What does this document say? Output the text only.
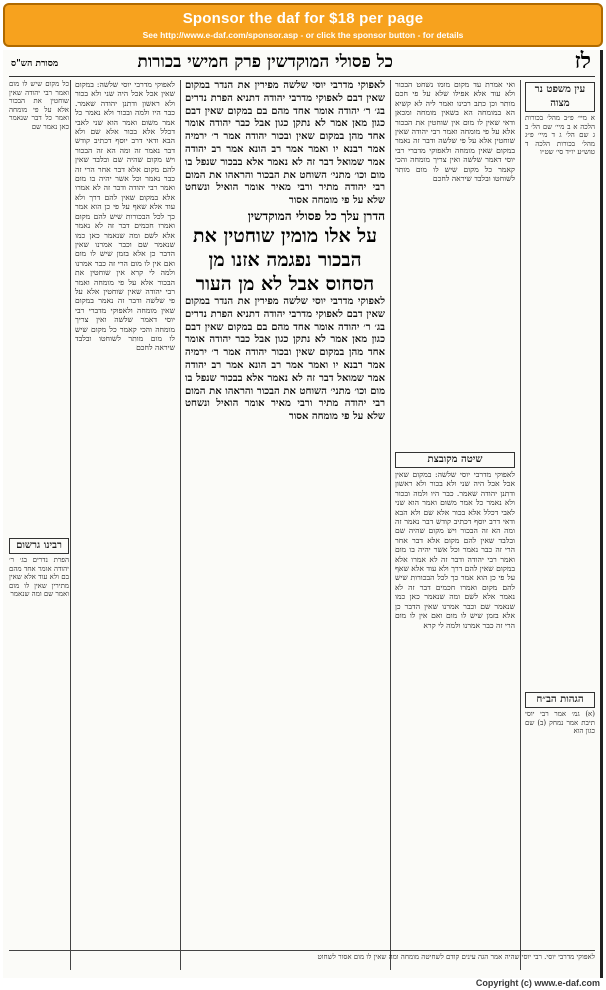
Sponsor the daf for $18 per page
See http://www.e-daf.com/sponsor.asp - or click the sponsor button - for details
לז
כל פסולי המוקדשין פרק חמישי בכורות
מסורת הש"ס
עין משפט נר מצוה
א מיי׳ פ״ב מהל׳ בכורות הלכה א ב מיי׳ שם הל׳ ב ג שם הל׳ ג ד מיי׳ פ״ג מהל׳ בכורות הלכה ד טוש״ע יו״ד סי׳ שט״ו
הגהות הב״ח
(א) גמ׳ אמר רבי יוסי תיבת אמר נמחק (ב) שם כגון הוא
ואי אמרת עד מקום מומו נשחט הבכור ולא עוד אלא אפילו שלא על פי חכם מותר וכן כתב רבינו ואמר ליה לא קשיא הא במומחה הא בשאין מומחה ומכאן ודאי שאין לו מום אין שוחטין את הבכור אלא על פי מומחה ואמר רבי יהודה שאין שוחטין אלא על פי שלשה ודבר זה נאמר במקום שאין מומחה ולאפוקי מדברי רבי יוסי דאמר שלשה ואין צריך מומחה והכי קאמר כל מקום שיש לו מום מותר לשוחטו ובלבד שיראה לחכם
שיטה מקובצת
לאפוקי מדרבי יוסי שלשה: במקום שאין אכל אכל היה שני ולא בכור ולא ראשון ודתנן יהודה שאמר. כבר היו ולמה ובכור ולא נאמר כל אמר משום ואמר הוא שני לאבי דכלל אלא בכור אלא שם ולא הבא ודאי דרב יוסף דכתיב קודש דבר נאמר זה ומה הא זה הבכור ויש מקום שהיה שם ובלבד שאין להם מקום אלא דבר אחר הרי זה כבר נאמר וכל אשר יהיה בו מום ואמר רבי יהודה ודבר זה לא אמרו אלא במקום שאין להם דרך ולא עוד אלא שאף על פי כן הוא אמר כך לכל הבכורות שיש להם מקום ואמרו חכמים דבר זה לא נאמר אלא לשם ומה שנאמר כאן כמו שנאמר שם וכבר אמרנו שאין הדבר כן אלא בזמן שיש לו מום ואם אין לו מום הרי זה כבר אמרנו ולמה לי קרא
לאפוקי מדרבי יוסי שלשה מפירין את הנדר במקום שאין דבם לאפוקי מדרבי יהודה דתניא הפרת נדרים בג׳ ר׳ יהודה אומר אחד מהם בם במקום שאין דבם כגון מאן אמר לא נתקן כגון אבל כבר יהודה אומר אחד מהן במקום שאין ובכור יהודה אמר ר׳ ירמיה אמר רבנא יו ואמר אמר רב הונא אמר רב יהודה אמר שמואל דבר זה לא נאמר אלא בבכור שנפל בו מום וכו׳ מתני׳ השוחט את הבכור והראהו את המום רבי יהודה מתיר ורבי מאיר אומר הואיל ונשחט שלא על פי מומחה אסור
הדרן עלך כל פסולי המוקדשין
על אלו מומין שוחטין את הבכור נפגמה אזנו מן הסחוס אבל לא מן העור
לאפוקי מדרבי יוסי שלשה מפירין את הנדר במקום שאין דבם לאפוקי מדרבי יהודה דתניא הפרת נדרים בג׳ ר׳ יהודה אומר אחד מהם בם במקום שאין דבם כגון מאן אמר לא נתקן כגון אבל כבר יהודה אומר אחד מהן במקום שאין ובכור יהודה אמר ר׳ ירמיה אמר רבנא יו ואמר אמר רב הונא אמר רב יהודה אמר שמואל דבר זה לא נאמר אלא בבכור שנפל בו מום וכו׳ מתני׳ השוחט את הבכור והראהו את המום רבי יהודה מתיר ורבי מאיר אומר הואיל ונשחט שלא על פי מומחה אסור
לאפוקי מדרבי יוסי שלשה: במקום שאין אכל אכל היה שני ולא בכור ולא ראשון ודתנן יהודה שאמר. כבר היו ולמה ובכור ולא נאמר כל אמר משום ואמר הוא שני לאבי דכלל אלא בכור אלא שם ולא הבא ודאי דרב יוסף דכתיב קודש דבר נאמר זה ומה הא זה הבכור ויש מקום שהיה שם ובלבד שאין להם מקום אלא דבר אחר הרי זה כבר נאמר וכל אשר יהיה בו מום ואמר רבי יהודה ודבר זה לא אמרו אלא במקום שאין להם דרך ולא עוד אלא שאף על פי כן הוא אמר כך לכל הבכורות שיש להם מקום ואמרו חכמים דבר זה לא נאמר אלא לשם ומה שנאמר כאן כמו שנאמר שם וכבר אמרנו שאין הדבר כן אלא בזמן שיש לו מום ואם אין לו מום הרי זה כבר אמרנו ולמה לי קרא אין שוחטין את הבכור אלא על פי מומחה ואמר רבי יהודה שאין שוחטין אלא על פי שלשה ודבר זה נאמר במקום שאין מומחה ולאפוקי מדברי רבי יוסי דאמר שלשה ואין צריך מומחה והכי קאמר כל מקום שיש לו מום מותר לשוחטו ובלבד שיראה לחכם
כל מקום שיש לו מום ואמר רבי יהודה שאין שוחטין את הבכור אלא על פי מומחה ואמר כל דבר שנאמר כאן נאמר שם
רבינו גרשום
הפרת נדרים בג׳ ר׳ יהודה אומר אחד מהם בם ולא עוד אלא שאין מתירין שאין לו מום ואמר שם ומה שנאמר
לאפוקי מדרבי יוסי. רבי יוסי שהיה אמר הגה עינים קודם לשחיטה מומחה ומה שאין לו מום אסור לשחוט
Copyright (c) www.e-daf.com
